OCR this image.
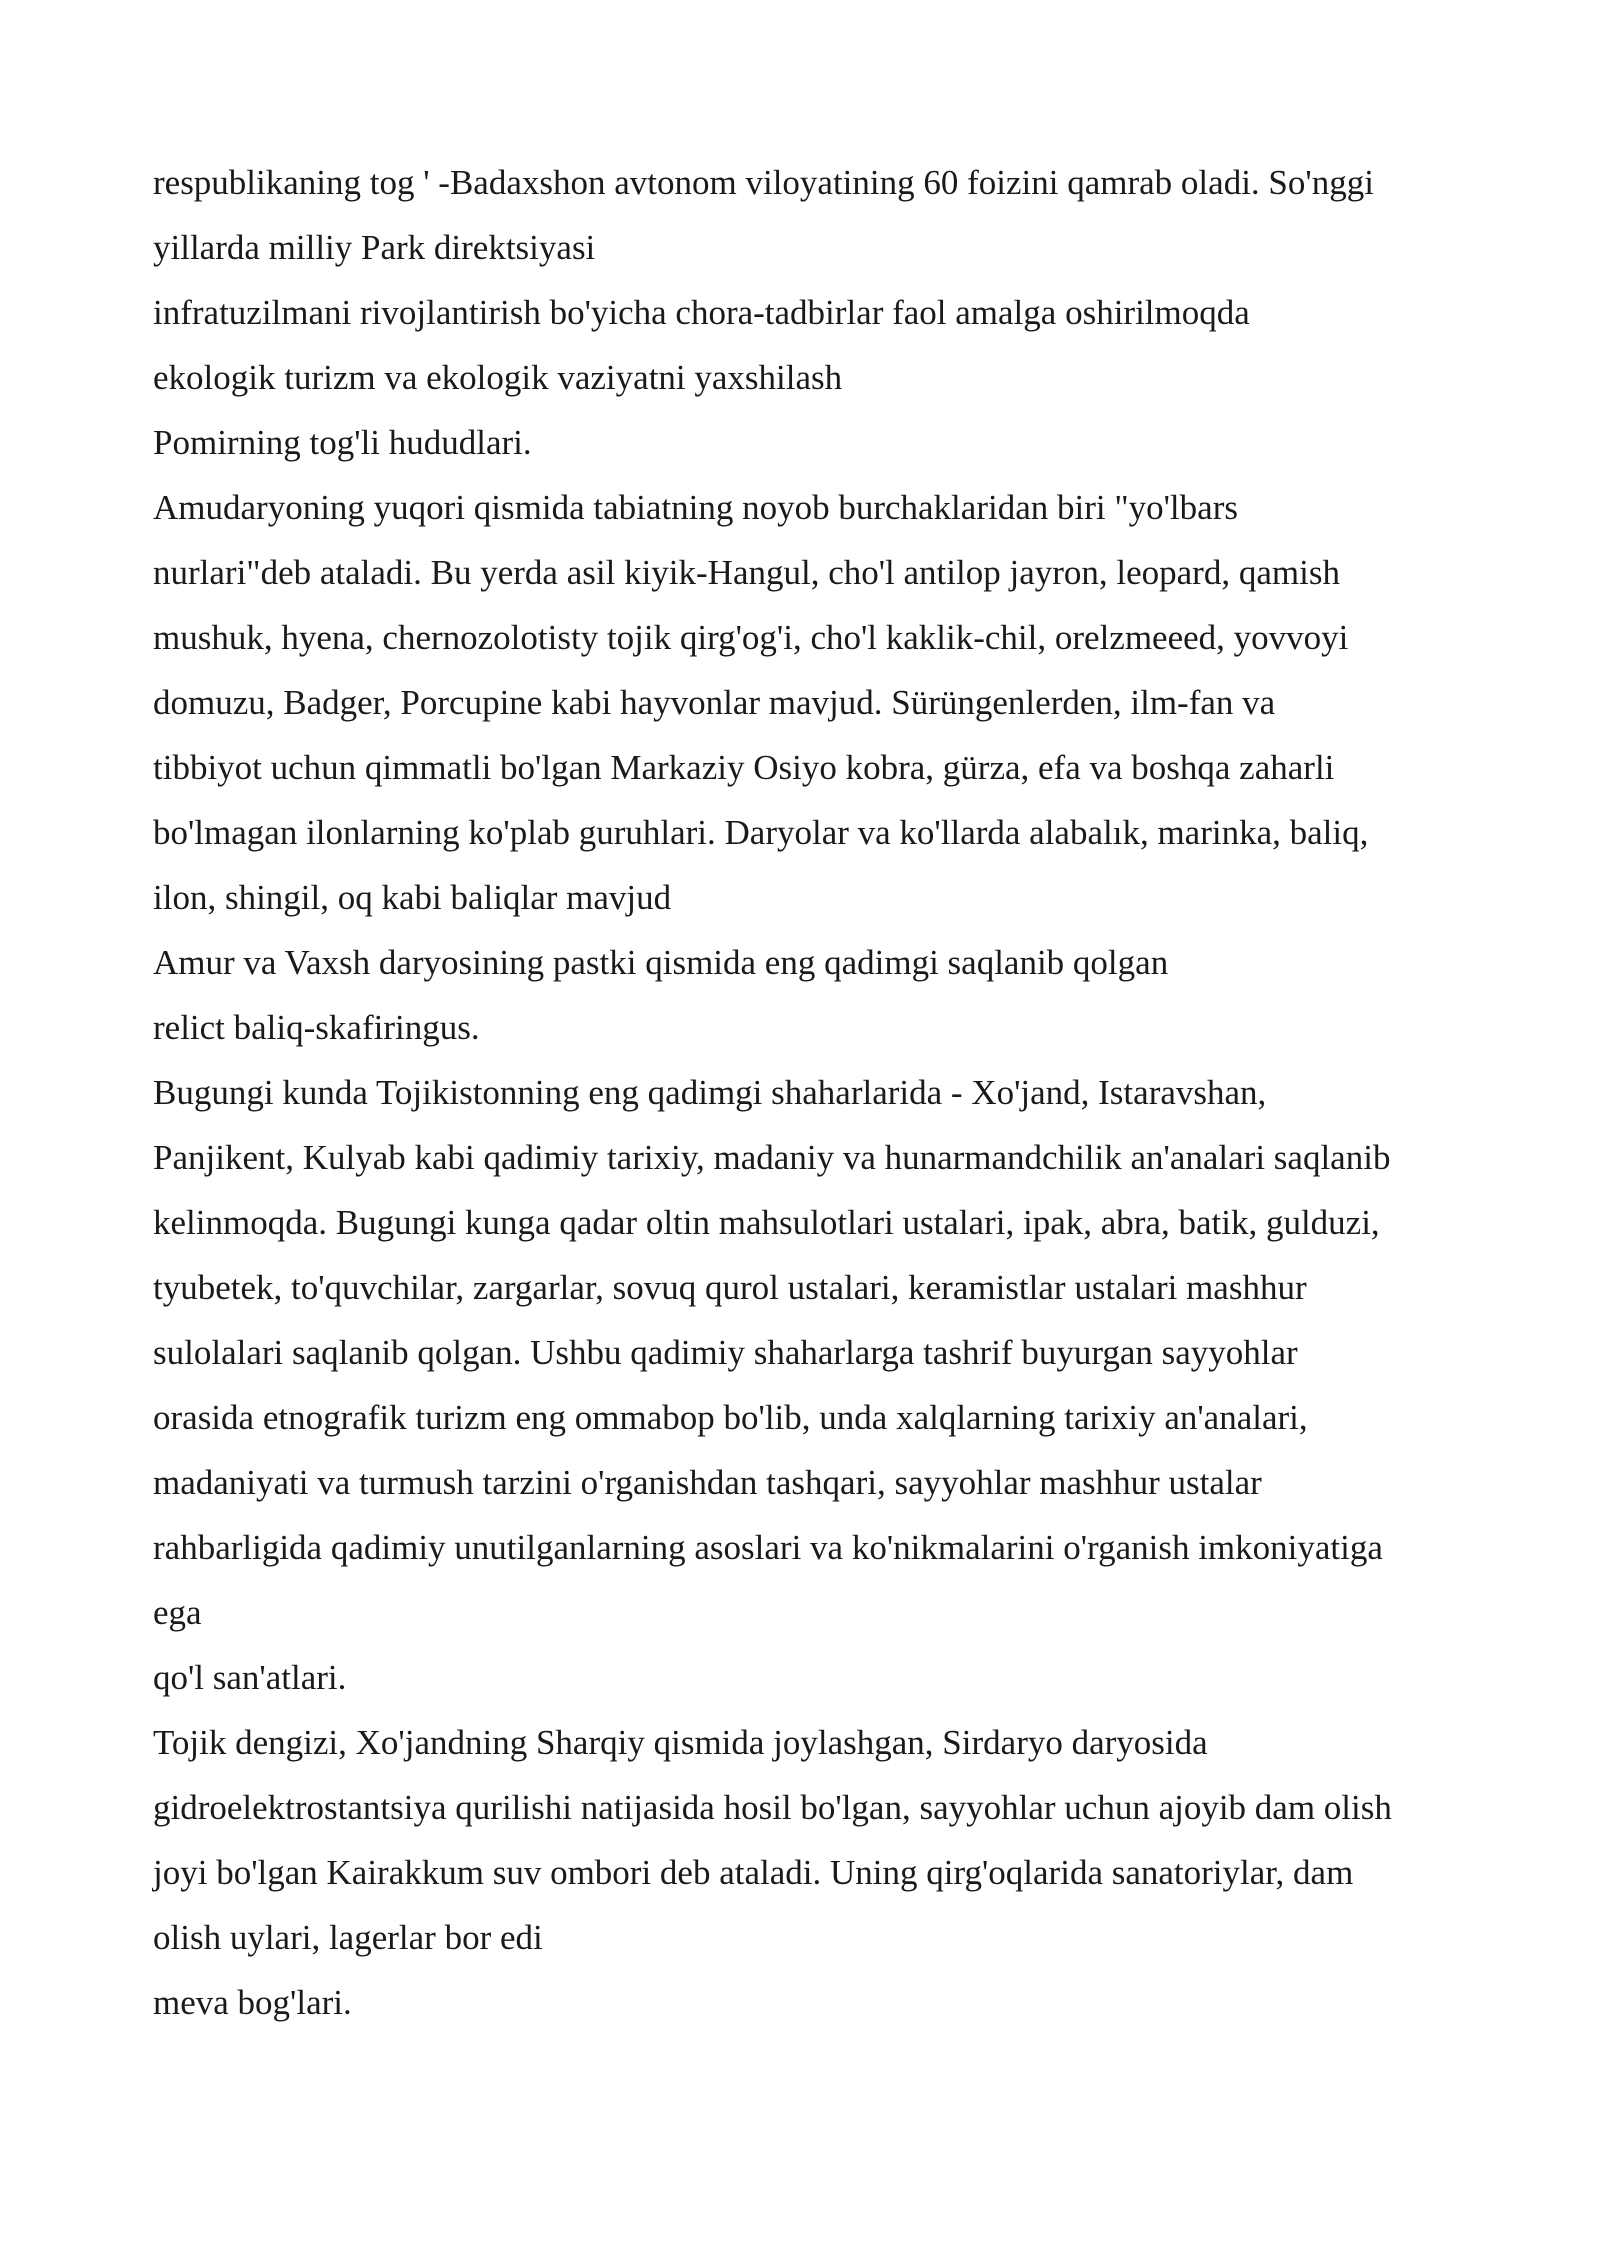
respublikaning tog ' -Badaxshon avtonom viloyatining 60 foizini qamrab oladi. So'nggi
yillarda milliy Park direktsiyasi
infratuzilmani rivojlantirish bo'yicha chora-tadbirlar faol amalga oshirilmoqda
ekologik turizm va ekologik vaziyatni yaxshilash
Pomirning tog'li hududlari.
Amudaryoning yuqori qismida tabiatning noyob burchaklaridan biri "yo'lbars
nurlari"deb ataladi. Bu yerda asil kiyik-Hangul, cho'l antilop jayron, leopard, qamish
mushuk, hyena, chernozolotisty tojik qirg'og'i, cho'l kaklik-chil, orelzmeeed, yovvoyi
domuzu, Badger, Porcupine kabi hayvonlar mavjud. Sürüngenlerden, ilm-fan va
tibbiyot uchun qimmatli bo'lgan Markaziy Osiyo kobra, gürza, efa va boshqa zaharli
bo'lmagan ilonlarning ko'plab guruhlari. Daryolar va ko'llarda alabalık, marinka, baliq,
ilon, shingil, oq kabi baliqlar mavjud
Amur va Vaxsh daryosining pastki qismida eng qadimgi saqlanib qolgan
relict baliq-skafiringus.
Bugungi kunda Tojikistonning eng qadimgi shaharlarida - Xo'jand, Istaravshan,
Panjikent, Kulyab kabi qadimiy tarixiy, madaniy va hunarmandchilik an'analari saqlanib
kelinmoqda. Bugungi kunga qadar oltin mahsulotlari ustalari, ipak, abra, batik, gulduzi,
tyubetek, to'quvchilar, zargarlar, sovuq qurol ustalari, keramistlar ustalari mashhur
sulolalari saqlanib qolgan. Ushbu qadimiy shaharlarga tashrif buyurgan sayyohlar
orasida etnografik turizm eng ommabop bo'lib, unda xalqlarning tarixiy an'analari,
madaniyati va turmush tarzini o'rganishdan tashqari, sayyohlar mashhur ustalar
rahbarligida qadimiy unutilganlarning asoslari va ko'nikmalarini o'rganish imkoniyatiga
ega
qo'l san'atlari.
Tojik dengizi, Xo'jandning Sharqiy qismida joylashgan, Sirdaryo daryosida
gidroelektrostantsiya qurilishi natijasida hosil bo'lgan, sayyohlar uchun ajoyib dam olish
joyi bo'lgan Kairakkum suv ombori deb ataladi. Uning qirg'oqlarida sanatoriylar, dam
olish uylari, lagerlar bor edi
meva bog'lari.
